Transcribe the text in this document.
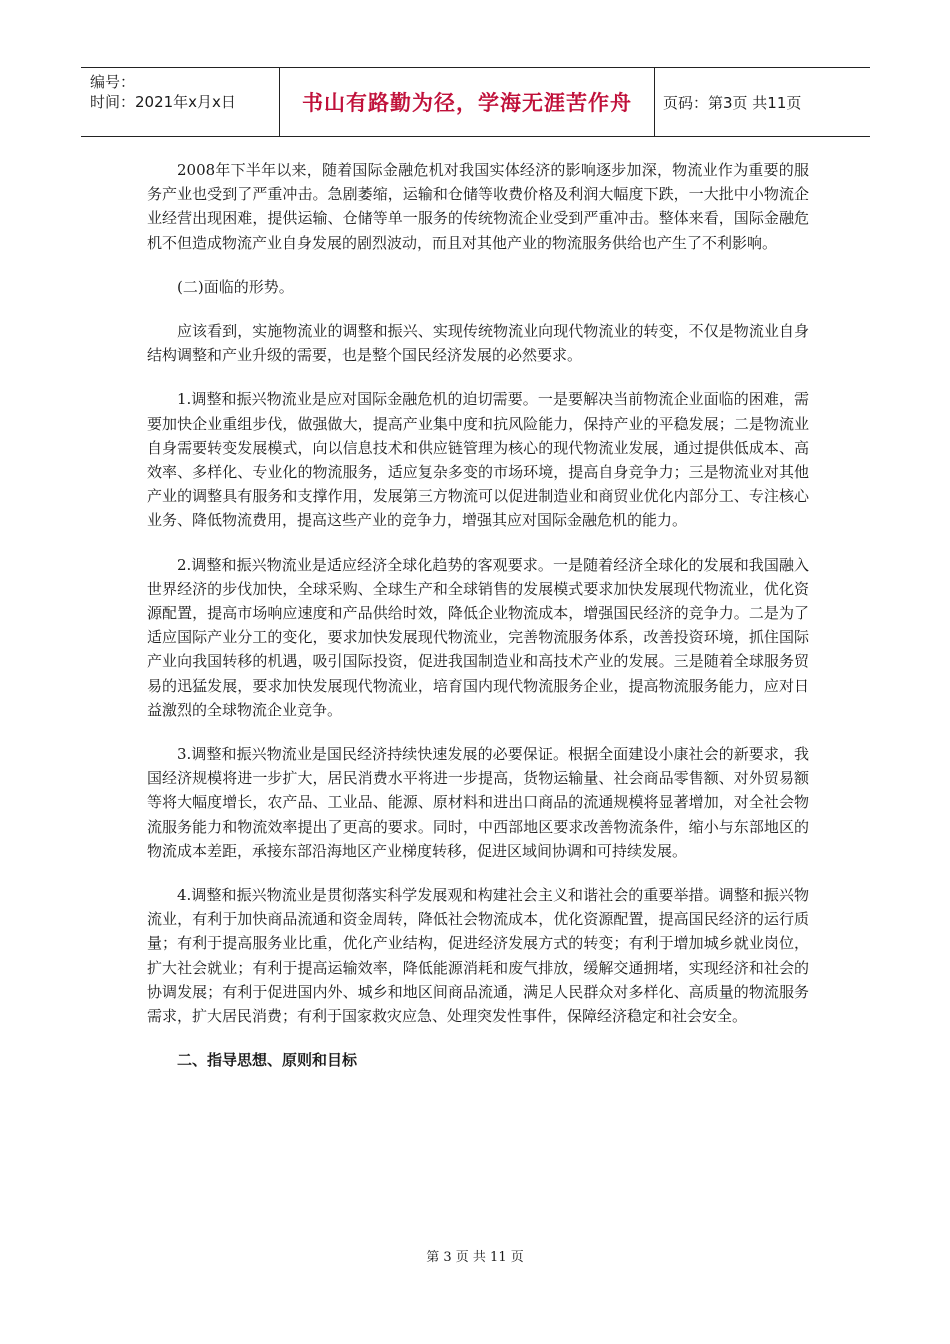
编号：
时间：2021年x月x日	书山有路勤为径，学海无涯苦作舟	页码：第3页 共11页

2008年下半年以来，随着国际金融危机对我国实体经济的影响逐步加深，物流业作为重要的服务产业也受到了严重冲击。急剧萎缩，运输和仓储等收费价格及利润大幅度下跌，一大批中小物流企业经营出现困难，提供运输、仓储等单一服务的传统物流企业受到严重冲击。整体来看，国际金融危机不但造成物流产业自身发展的剧烈波动，而且对其他产业的物流服务供给也产生了不利影响。

(二)面临的形势。

应该看到，实施物流业的调整和振兴、实现传统物流业向现代物流业的转变，不仅是物流业自身结构调整和产业升级的需要，也是整个国民经济发展的必然要求。

1.调整和振兴物流业是应对国际金融危机的迫切需要。一是要解决当前物流企业面临的困难，需要加快企业重组步伐，做强做大，提高产业集中度和抗风险能力，保持产业的平稳发展；二是物流业自身需要转变发展模式，向以信息技术和供应链管理为核心的现代物流业发展，通过提供低成本、高效率、多样化、专业化的物流服务，适应复杂多变的市场环境，提高自身竞争力；三是物流业对其他产业的调整具有服务和支撑作用，发展第三方物流可以促进制造业和商贸业优化内部分工、专注核心业务、降低物流费用，提高这些产业的竞争力，增强其应对国际金融危机的能力。

2.调整和振兴物流业是适应经济全球化趋势的客观要求。一是随着经济全球化的发展和我国融入世界经济的步伐加快，全球采购、全球生产和全球销售的发展模式要求加快发展现代物流业，优化资源配置，提高市场响应速度和产品供给时效，降低企业物流成本，增强国民经济的竞争力。二是为了适应国际产业分工的变化，要求加快发展现代物流业，完善物流服务体系，改善投资环境，抓住国际产业向我国转移的机遇，吸引国际投资，促进我国制造业和高技术产业的发展。三是随着全球服务贸易的迅猛发展，要求加快发展现代物流业，培育国内现代物流服务企业，提高物流服务能力，应对日益激烈的全球物流企业竞争。

3.调整和振兴物流业是国民经济持续快速发展的必要保证。根据全面建设小康社会的新要求，我国经济规模将进一步扩大，居民消费水平将进一步提高，货物运输量、社会商品零售额、对外贸易额等将大幅度增长，农产品、工业品、能源、原材料和进出口商品的流通规模将显著增加，对全社会物流服务能力和物流效率提出了更高的要求。同时，中西部地区要求改善物流条件，缩小与东部地区的物流成本差距，承接东部沿海地区产业梯度转移，促进区域间协调和可持续发展。

4.调整和振兴物流业是贯彻落实科学发展观和构建社会主义和谐社会的重要举措。调整和振兴物流业，有利于加快商品流通和资金周转，降低社会物流成本，优化资源配置，提高国民经济的运行质量；有利于提高服务业比重，优化产业结构，促进经济发展方式的转变；有利于增加城乡就业岗位，扩大社会就业；有利于提高运输效率，降低能源消耗和废气排放，缓解交通拥堵，实现经济和社会的协调发展；有利于促进国内外、城乡和地区间商品流通，满足人民群众对多样化、高质量的物流服务需求，扩大居民消费；有利于国家救灾应急、处理突发性事件，保障经济稳定和社会安全。

二、指导思想、原则和目标

第 3 页 共 11 页
